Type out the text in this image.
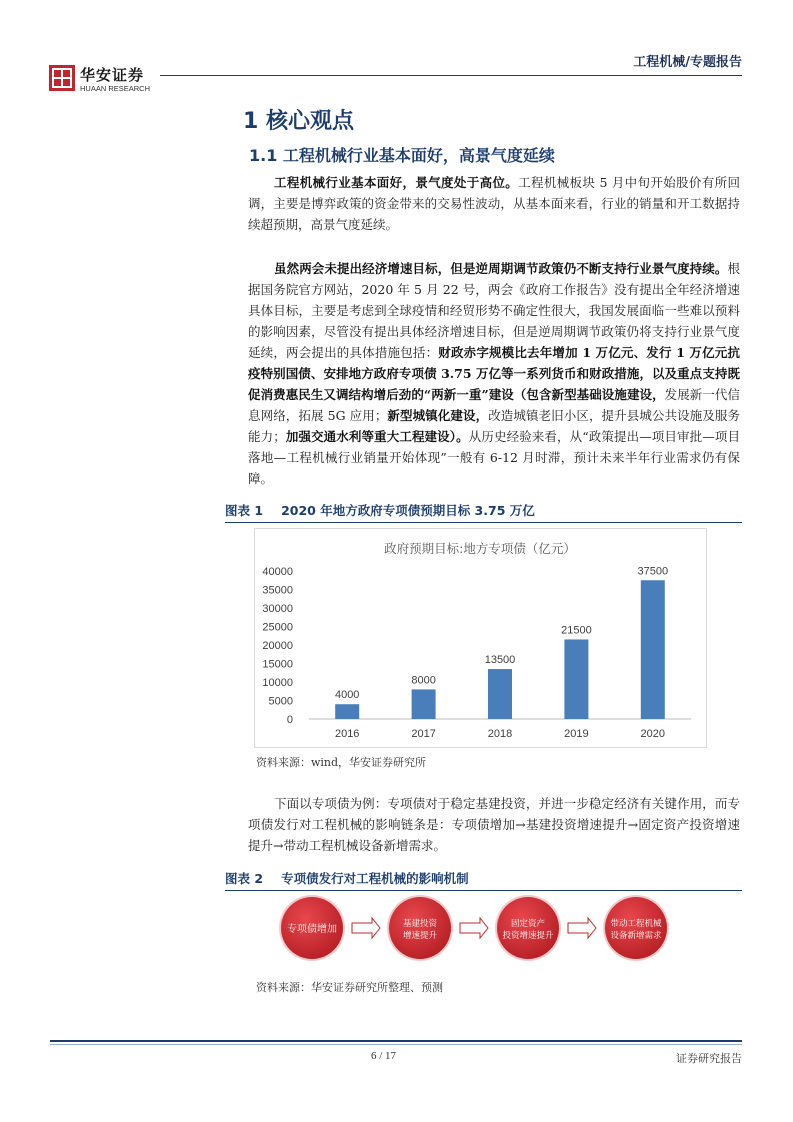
华安证券
HUAAN RESEARCH
工程机械/专题报告
1 核心观点
1.1 工程机械行业基本面好，高景气度延续
工程机械行业基本面好，景气度处于高位。工程机械板块 5 月中旬开始股价有所回调，主要是博弈政策的资金带来的交易性波动，从基本面来看，行业的销量和开工数据持续超预期，高景气度延续。
虽然两会未提出经济增速目标，但是逆周期调节政策仍不断支持行业景气度持续。根据国务院官方网站，2020 年 5 月 22 号，两会《政府工作报告》没有提出全年经济增速具体目标，主要是考虑到全球疫情和经贸形势不确定性很大，我国发展面临一些难以预料的影响因素，尽管没有提出具体经济增速目标，但是逆周期调节政策仍将支持行业景气度延续，两会提出的具体措施包括：财政赤字规模比去年增加 1 万亿元、发行 1 万亿元抗疫特别国债、安排地方政府专项债 3.75 万亿等一系列货币和财政措施，以及重点支持既促消费惠民生又调结构增后劲的“两新一重”建设（包含新型基础设施建设，发展新一代信息网络，拓展 5G 应用；新型城镇化建设，改造城镇老旧小区，提升县城公共设施及服务能力；加强交通水利等重大工程建设）。从历史经验来看，从“政策提出—项目审批—项目落地—工程机械行业销量开始体现”一般有 6-12 月时滞，预计未来半年行业需求仍有保障。
图表 1 2020 年地方政府专项债预期目标 3.75 万亿
政府预期目标:地方专项债（亿元）
0
5000
10000
15000
20000
25000
30000
35000
40000
4000
8000
13500
21500
37500
2016	2017	2018	2019	2020
资料来源：wind，华安证券研究所
下面以专项债为例：专项债对于稳定基建投资，并进一步稳定经济有关键作用，而专项债发行对工程机械的影响链条是：专项债增加→基建投资增速提升→固定资产投资增速提升→带动工程机械设备新增需求。
图表 2 专项债发行对工程机械的影响机制
专项债增加	基建投资
增速提升
固定资产
投资增速提升
带动工程机械
设备新增需求
资料来源：华安证券研究所整理、预测
6 / 17	证券研究报告
